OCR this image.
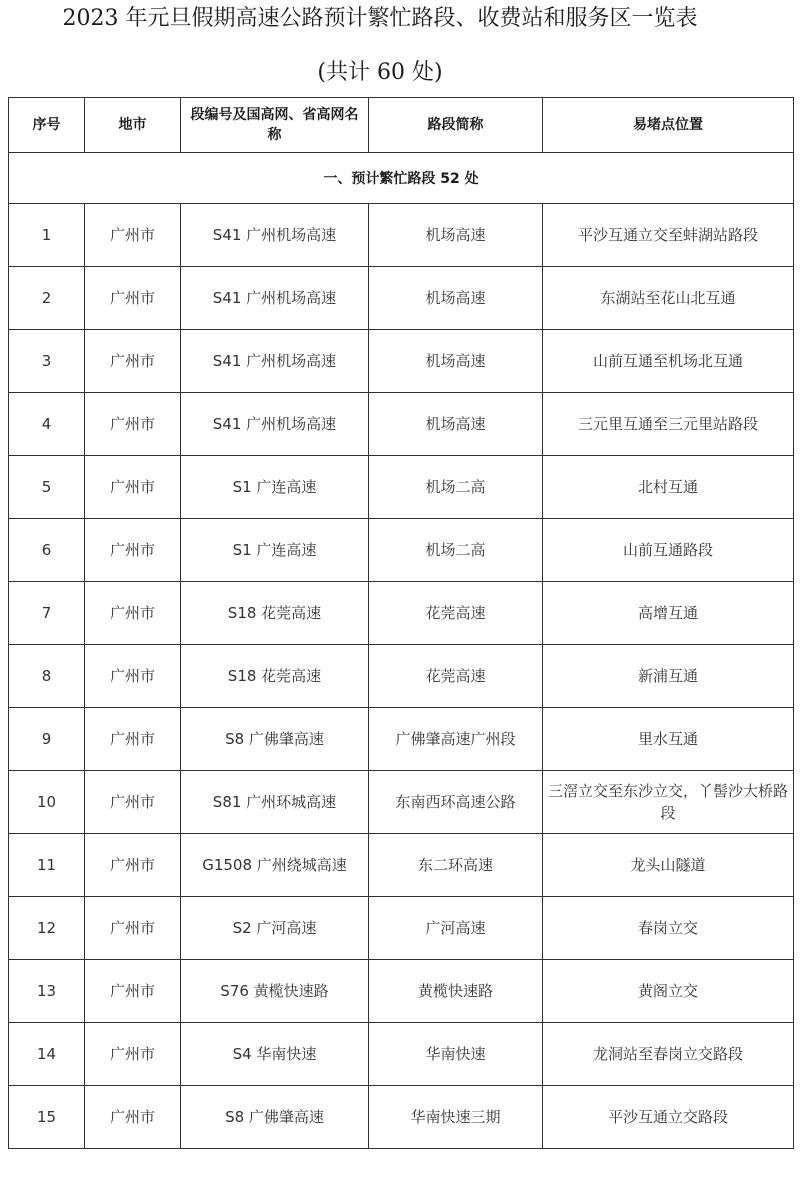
2023 年元旦假期高速公路预计繁忙路段、收费站和服务区一览表
(共计 60 处)
序号	地市	段编号及国高网、省高网名称	路段简称	易堵点位置
一、预计繁忙路段 52 处				
1	广州市	S41 广州机场高速	机场高速	平沙互通立交至蚌湖站路段
2	广州市	S41 广州机场高速	机场高速	东湖站至花山北互通
3	广州市	S41 广州机场高速	机场高速	山前互通至机场北互通
4	广州市	S41 广州机场高速	机场高速	三元里互通至三元里站路段
5	广州市	S1 广连高速	机场二高	北村互通
6	广州市	S1 广连高速	机场二高	山前互通路段
7	广州市	S18 花莞高速	花莞高速	高增互通
8	广州市	S18 花莞高速	花莞高速	新浦互通
9	广州市	S8 广佛肇高速	广佛肇高速广州段	里水互通
10	广州市	S81 广州环城高速	东南西环高速公路	三滘立交至东沙立交，丫髻沙大桥路段
11	广州市	G1508 广州绕城高速	东二环高速	龙头山隧道
12	广州市	S2 广河高速	广河高速	春岗立交
13	广州市	S76 黄榄快速路	黄榄快速路	黄阁立交
14	广州市	S4 华南快速	华南快速	龙洞站至春岗立交路段
15	广州市	S8 广佛肇高速	华南快速三期	平沙互通立交路段
